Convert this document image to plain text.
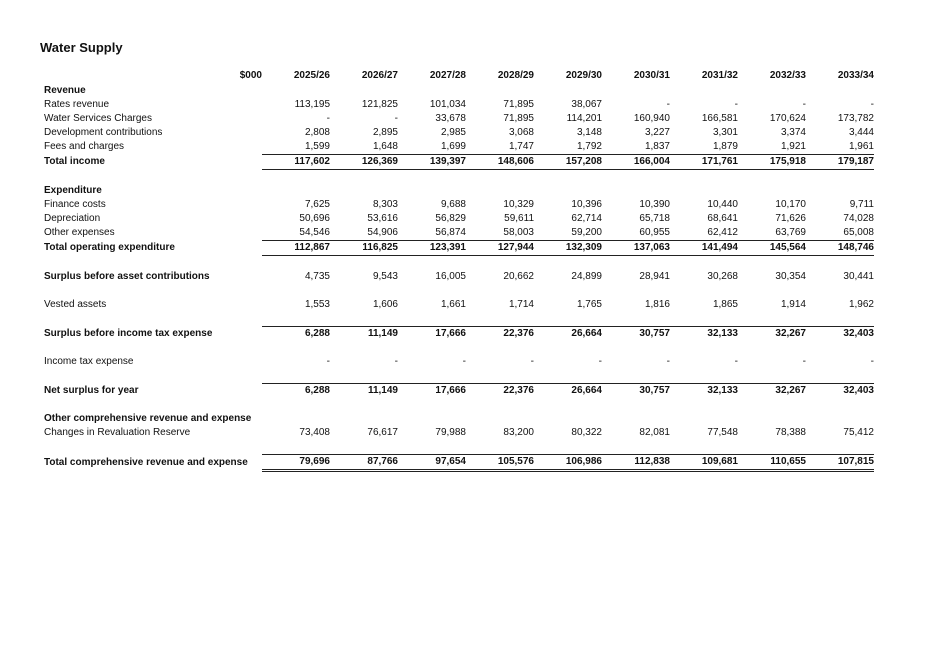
Water Supply
$000	2025/26	2026/27	2027/28	2028/29	2029/30	2030/31	2031/32	2032/33	2033/34
Revenue									
Rates revenue	113,195	121,825	101,034	71,895	38,067	-	-	-	-
Water Services Charges	-	-	33,678	71,895	114,201	160,940	166,581	170,624	173,782
Development contributions	2,808	2,895	2,985	3,068	3,148	3,227	3,301	3,374	3,444
Fees and charges	1,599	1,648	1,699	1,747	1,792	1,837	1,879	1,921	1,961
Total income	117,602	126,369	139,397	148,606	157,208	166,004	171,761	175,918	179,187

Expenditure									
Finance costs	7,625	8,303	9,688	10,329	10,396	10,390	10,440	10,170	9,711
Depreciation	50,696	53,616	56,829	59,611	62,714	65,718	68,641	71,626	74,028
Other expenses	54,546	54,906	56,874	58,003	59,200	60,955	62,412	63,769	65,008
Total operating expenditure	112,867	116,825	123,391	127,944	132,309	137,063	141,494	145,564	148,746

Surplus before asset contributions	4,735	9,543	16,005	20,662	24,899	28,941	30,268	30,354	30,441

Vested assets	1,553	1,606	1,661	1,714	1,765	1,816	1,865	1,914	1,962

Surplus before income tax expense	6,288	11,149	17,666	22,376	26,664	30,757	32,133	32,267	32,403

Income tax expense	-	-	-	-	-	-	-	-	-

Net surplus for year	6,288	11,149	17,666	22,376	26,664	30,757	32,133	32,267	32,403

Other comprehensive revenue and expense									
Changes in Revaluation Reserve	73,408	76,617	79,988	83,200	80,322	82,081	77,548	78,388	75,412

Total comprehensive revenue and expense	79,696	87,766	97,654	105,576	106,986	112,838	109,681	110,655	107,815
